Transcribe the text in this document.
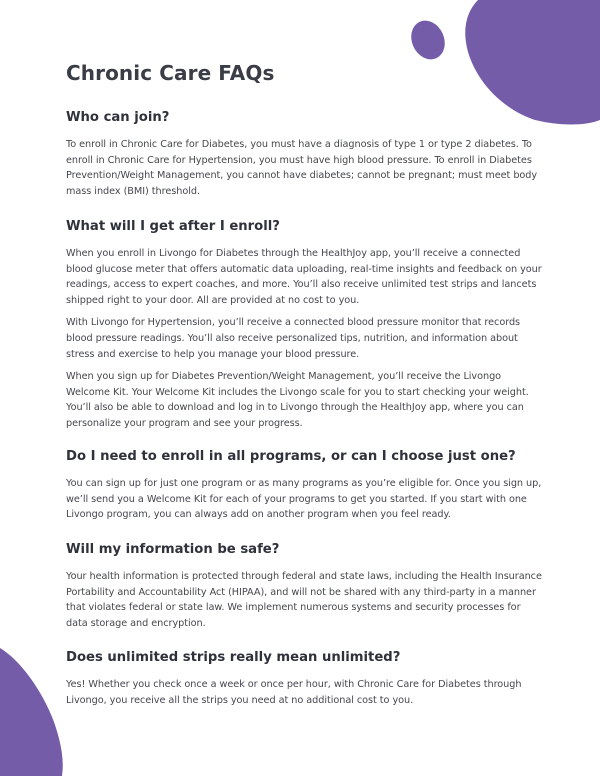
Chronic Care FAQs
Who can join?

To enroll in Chronic Care for Diabetes, you must have a diagnosis of type 1 or type 2 diabetes. To enroll in Chronic Care for Hypertension, you must have high blood pressure. To enroll in Diabetes Prevention/Weight Management, you cannot have diabetes; cannot be pregnant; must meet body mass index (BMI) threshold.

What will I get after I enroll?

When you enroll in Livongo for Diabetes through the HealthJoy app, you’ll receive a connected blood glucose meter that offers automatic data uploading, real-time insights and feedback on your readings, access to expert coaches, and more. You’ll also receive unlimited test strips and lancets shipped right to your door. All are provided at no cost to you.

With Livongo for Hypertension, you’ll receive a connected blood pressure monitor that records blood pressure readings. You’ll also receive personalized tips, nutrition, and information about stress and exercise to help you manage your blood pressure.

When you sign up for Diabetes Prevention/Weight Management, you’ll receive the Livongo Welcome Kit. Your Welcome Kit includes the Livongo scale for you to start checking your weight. You’ll also be able to download and log in to Livongo through the HealthJoy app, where you can personalize your program and see your progress.

Do I need to enroll in all programs, or can I choose just one?

You can sign up for just one program or as many programs as you’re eligible for. Once you sign up, we’ll send you a Welcome Kit for each of your programs to get you started. If you start with one Livongo program, you can always add on another program when you feel ready.

Will my information be safe?

Your health information is protected through federal and state laws, including the Health Insurance Portability and Accountability Act (HIPAA), and will not be shared with any third-party in a manner that violates federal or state law. We implement numerous systems and security processes for data storage and encryption.

Does unlimited strips really mean unlimited?

Yes! Whether you check once a week or once per hour, with Chronic Care for Diabetes through Livongo, you receive all the strips you need at no additional cost to you.
